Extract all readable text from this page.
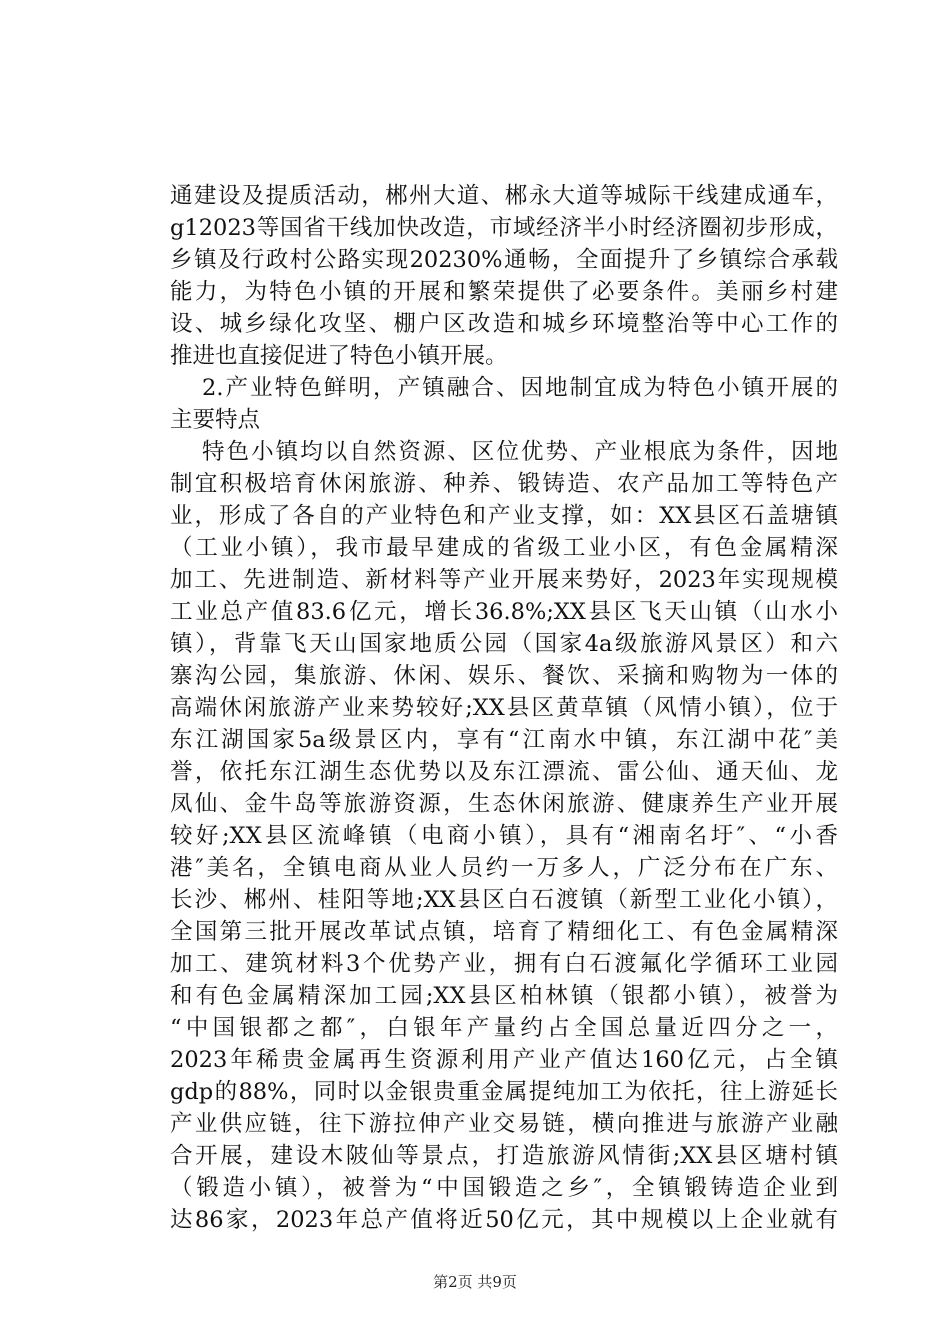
通建设及提质活动，郴州大道、郴永大道等城际干线建成通车，
g12023等国省干线加快改造，市域经济半小时经济圈初步形成，
乡镇及行政村公路实现20230%通畅，全面提升了乡镇综合承载
能力，为特色小镇的开展和繁荣提供了必要条件。美丽乡村建
设、城乡绿化攻坚、棚户区改造和城乡环境整治等中心工作的
推进也直接促进了特色小镇开展。
2.产业特色鲜明，产镇融合、因地制宜成为特色小镇开展的
主要特点
特色小镇均以自然资源、区位优势、产业根底为条件，因地
制宜积极培育休闲旅游、种养、锻铸造、农产品加工等特色产
业，形成了各自的产业特色和产业支撑，如：XX县区石盖塘镇
（工业小镇），我市最早建成的省级工业小区，有色金属精深
加工、先进制造、新材料等产业开展来势好，2023年实现规模
工业总产值83.6亿元，增长36.8%;XX县区飞天山镇（山水小
镇），背靠飞天山国家地质公园（国家4a级旅游风景区）和六
寨沟公园，集旅游、休闲、娱乐、餐饮、采摘和购物为一体的
高端休闲旅游产业来势较好;XX县区黄草镇（风情小镇），位于
东江湖国家5a级景区内，享有“江南水中镇，东江湖中花″美
誉，依托东江湖生态优势以及东江漂流、雷公仙、通天仙、龙
凤仙、金牛岛等旅游资源，生态休闲旅游、健康养生产业开展
较好;XX县区流峰镇（电商小镇），具有“湘南名圩″、“小香
港″美名，全镇电商从业人员约一万多人，广泛分布在广东、
长沙、郴州、桂阳等地;XX县区白石渡镇（新型工业化小镇），
全国第三批开展改革试点镇，培育了精细化工、有色金属精深
加工、建筑材料3个优势产业，拥有白石渡氟化学循环工业园
和有色金属精深加工园;XX县区柏林镇（银都小镇），被誉为
“中国银都之都″，白银年产量约占全国总量近四分之一，
2023年稀贵金属再生资源利用产业产值达160亿元，占全镇
gdp的88%，同时以金银贵重金属提纯加工为依托，往上游延长
产业供应链，往下游拉伸产业交易链，横向推进与旅游产业融
合开展，建设木陂仙等景点，打造旅游风情街;XX县区塘村镇
（锻造小镇），被誉为“中国锻造之乡″，全镇锻铸造企业到
达86家，2023年总产值将近50亿元，其中规模以上企业就有
第2页 共9页
